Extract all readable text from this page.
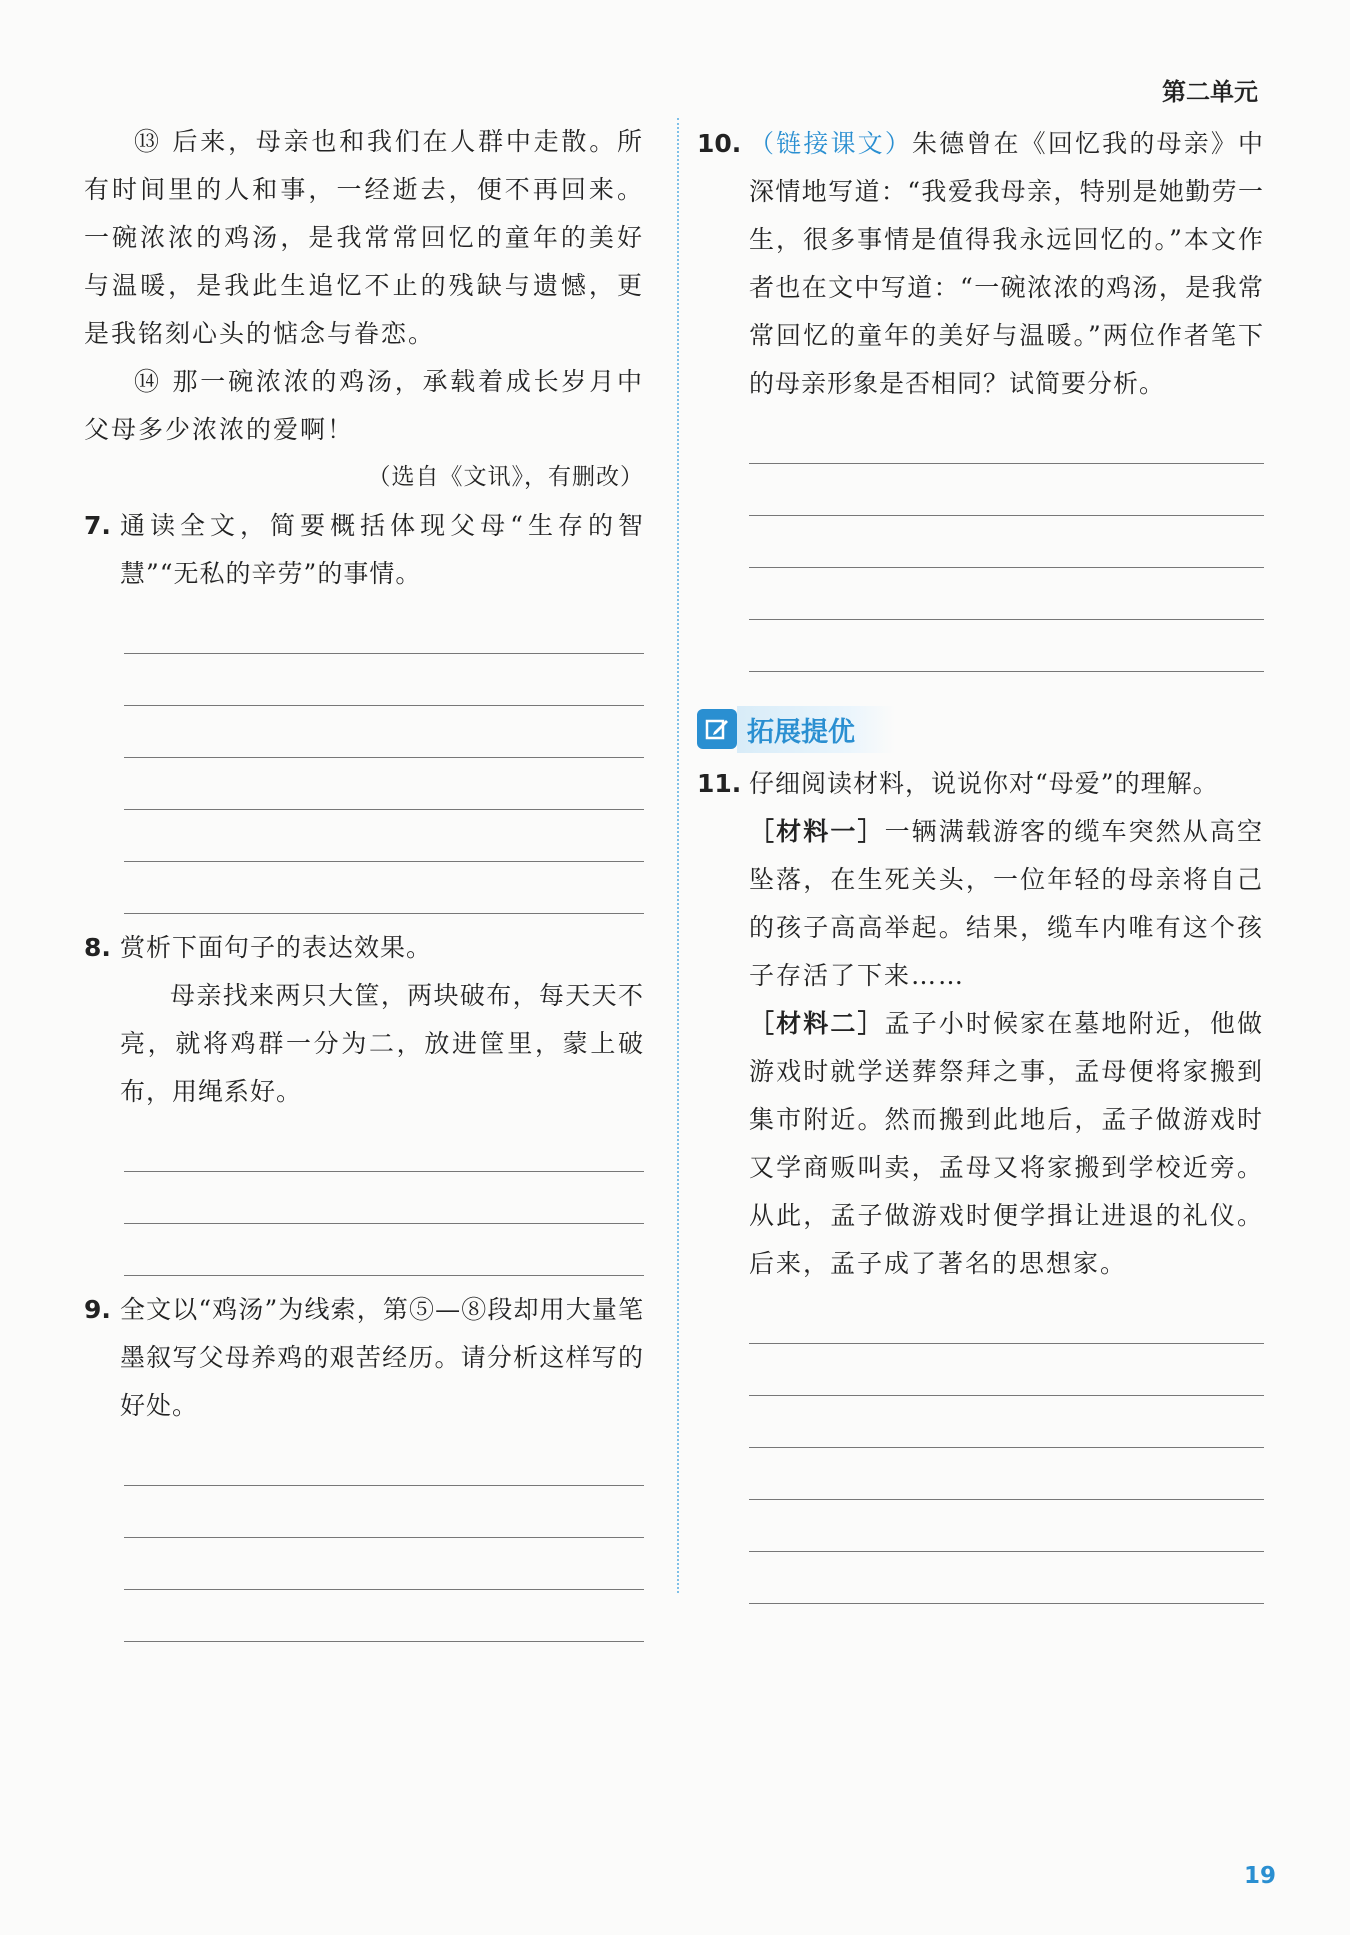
第二单元

⑬ 后来，母亲也和我们在人群中走散。所有时间里的人和事，一经逝去，便不再回来。一碗浓浓的鸡汤，是我常常回忆的童年的美好与温暖，是我此生追忆不止的残缺与遗憾，更是我铭刻心头的惦念与眷恋。

⑭ 那一碗浓浓的鸡汤，承载着成长岁月中父母多少浓浓的爱啊！

（选自《文讯》，有删改）

7. 通读全文，简要概括体现父母“生存的智慧”“无私的辛劳”的事情。
8. 赏析下面句子的表达效果。

母亲找来两只大筐，两块破布，每天天不亮，就将鸡群一分为二，放进筐里，蒙上破布，用绳系好。

9. 全文以“鸡汤”为线索，第⑤—⑧段却用大量笔墨叙写父母养鸡的艰苦经历。请分析这样写的好处。
10. （链接课文）朱德曾在《回忆我的母亲》中深情地写道：“我爱我母亲，特别是她勤劳一生，很多事情是值得我永远回忆的。”本文作者也在文中写道：“一碗浓浓的鸡汤，是我常常回忆的童年的美好与温暖。”两位作者笔下的母亲形象是否相同？试简要分析。
拓展提优
11. 仔细阅读材料，说说你对“母爱”的理解。

［材料一］一辆满载游客的缆车突然从高空坠落，在生死关头，一位年轻的母亲将自己的孩子高高举起。结果，缆车内唯有这个孩子存活了下来……

［材料二］孟子小时候家在墓地附近，他做游戏时就学送葬祭拜之事，孟母便将家搬到集市附近。然而搬到此地后，孟子做游戏时又学商贩叫卖，孟母又将家搬到学校近旁。从此，孟子做游戏时便学揖让进退的礼仪。后来，孟子成了著名的思想家。

19
